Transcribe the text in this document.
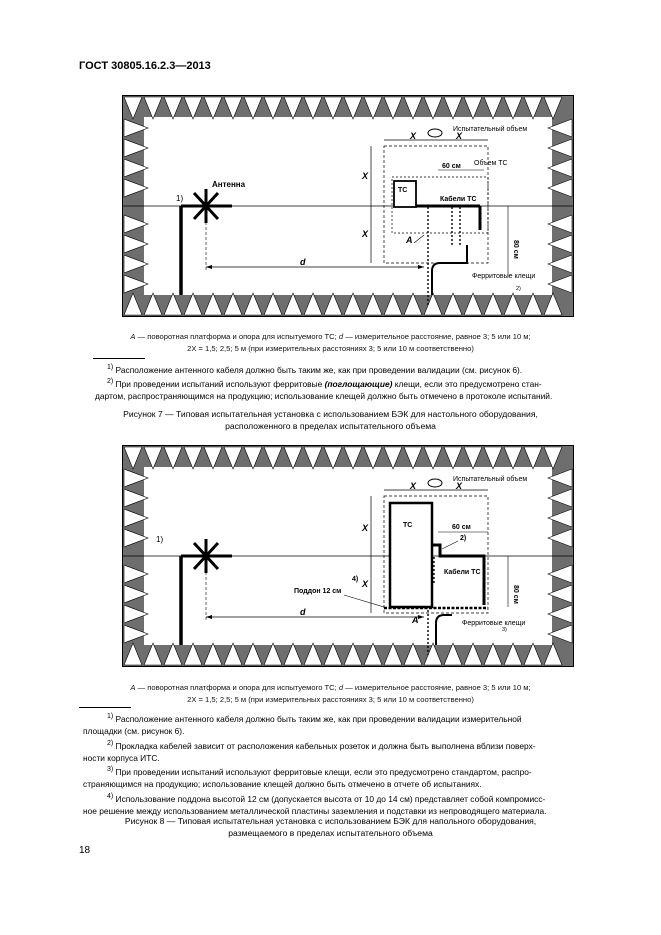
ГОСТ 30805.16.2.3—2013
1)
Антенна
d
X	X
X
X
Испытательный объем
Объем ТС
60 см
ТС
Кабели ТС
A	80 см
Ферритовые клещи
2)
A — поворотная платформа и опора для испытуемого ТС; d — измерительное расстояние, равное 3; 5 или 10 м;
2X = 1,5; 2,5; 5 м (при измерительных расстояниях 3; 5 или 10 м соответственно)
$^{1)}$ Расположение антенного кабеля должно быть таким же, как при проведении валидации (см. рисунок 6).
$^{2)}$ При проведении испытаний используют ферритовые (поглощающие) клещи, если это предусмотрено стан-
дартом, распространяющимся на продукцию; использование клещей должно быть отмечено в протоколе испытаний.
Рисунок 7 — Типовая испытательная установка с использованием БЭК для настольного оборудования,
расположенного в пределах испытательного объема
1)
d
X	X
X
X
Испытательный объем
ТС	60 см
2)
Кабели ТС
A
4)
Поддон 12 см	80 см
Ферритовые клещи
3)
A — поворотная платформа и опора для испытуемого ТС; d — измерительное расстояние, равное 3; 5 или 10 м;
2X = 1,5; 2,5; 5 м (при измерительных расстояниях 3; 5 или 10 м соответственно)
$^{1)}$ Расположение антенного кабеля должно быть таким же, как при проведении валидации измерительной
площадки (см. рисунок 6).
$^{2)}$ Прокладка кабелей зависит от расположения кабельных розеток и должна быть выполнена вблизи поверх-
ности корпуса ИТС.
$^{3)}$ При проведении испытаний используют ферритовые клещи, если это предусмотрено стандартом, распро-
страняющимся на продукцию; использование клещей должно быть отмечено в отчете об испытаниях.
$^{4)}$ Использование поддона высотой 12 см (допускается высота от 10 до 14 см) представляет собой компромисс-
ное решение между использованием металлической пластины заземления и подставки из непроводящего материала.
Рисунок 8 — Типовая испытательная установка с использованием БЭК для напольного оборудования,
размещаемого в пределах испытательного объема
18
